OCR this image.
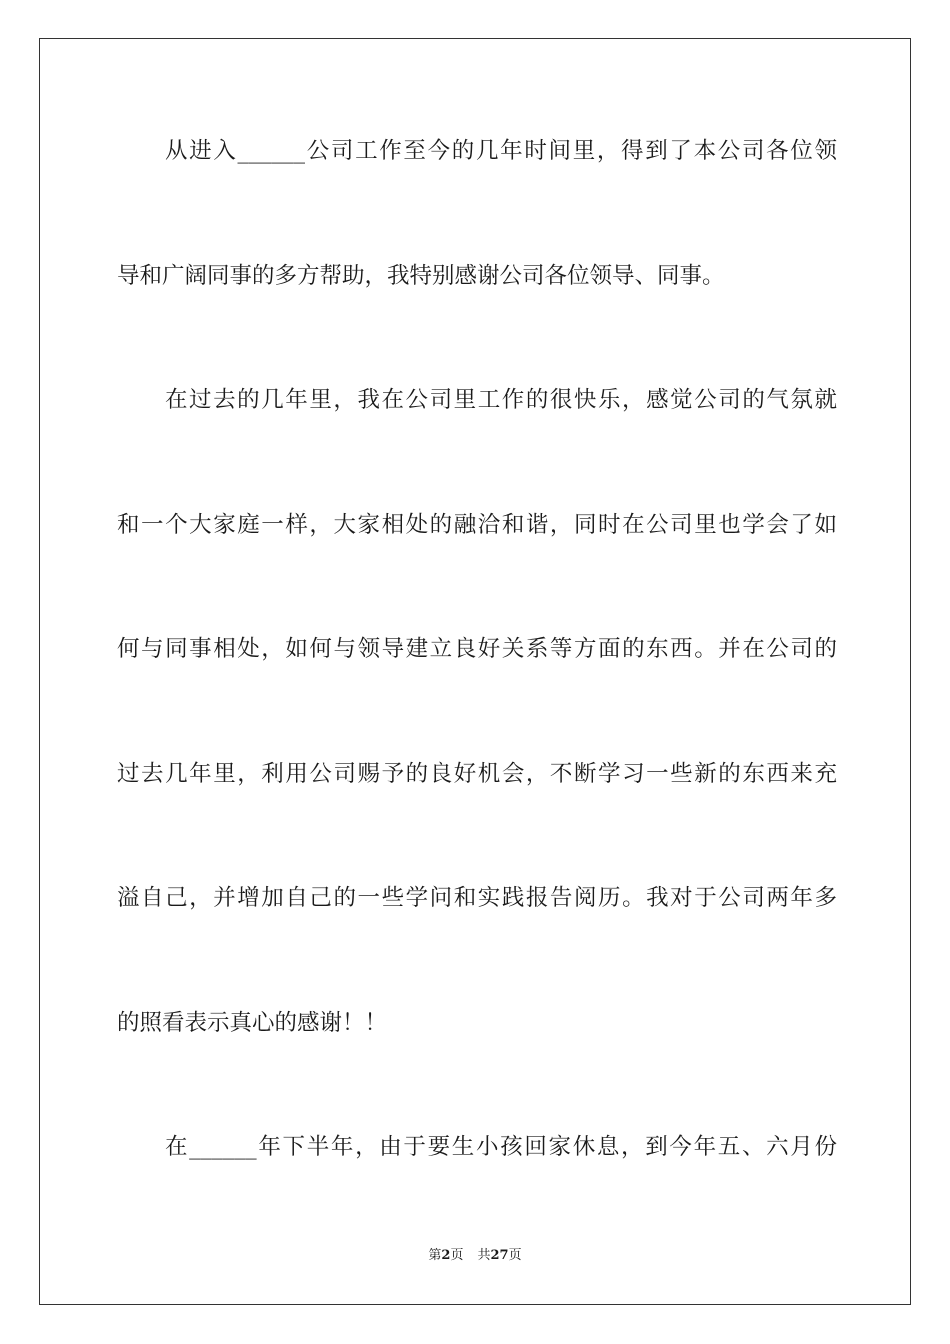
从进入______公司工作至今的几年时间里，得到了本公司各位领
导和广阔同事的多方帮助，我特别感谢公司各位领导、同事。
在过去的几年里，我在公司里工作的很快乐，感觉公司的气氛就
和一个大家庭一样，大家相处的融洽和谐，同时在公司里也学会了如
何与同事相处，如何与领导建立良好关系等方面的东西。并在公司的
过去几年里，利用公司赐予的良好机会，不断学习一些新的东西来充
溢自己，并增加自己的一些学问和实践报告阅历。我对于公司两年多
的照看表示真心的感谢！！
在______年下半年，由于要生小孩回家休息，到今年五、六月份
第2页 共27页
